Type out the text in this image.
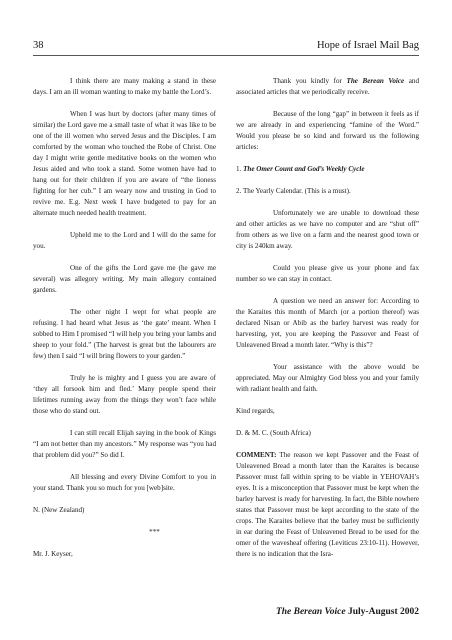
38	Hope of Israel Mail Bag

I think there are many making a stand in these days. I am an ill woman wanting to make my battle the Lord’s.

When I was hurt by doctors (after many times of similar) the Lord gave me a small taste of what it was like to be one of the ill women who served Jesus and the Disciples. I am comforted by the woman who touched the Robe of Christ. One day I might write gentle meditative books on the women who Jesus aided and who took a stand. Some women have had to hang out for their children if you are aware of “the lioness fighting for her cub.” I am weary now and trusting in God to revive me. E.g. Next week I have budgeted to pay for an alternate much needed health treatment.

Upheld me to the Lord and I will do the same for you.

One of the gifts the Lord gave me (he gave me several) was allegory writing. My main allegory contained gardens.

The other night I wept for what people are refusing. I had heard what Jesus as ‘the gate’ meant. When I sobbed to Him I promised “I will help you bring your lambs and sheep to your fold.” (The harvest is great but the labourers are few) then I said “I will bring flowers to your garden.”

Truly he is mighty and I guess you are aware of ‘they all forsook him and fled.’ Many people spend their lifetimes running away from the things they won’t face while those who do stand out.

I can still recall Elijah saying in the book of Kings “I am not better than my ancestors.” My response was “you had that problem did you?” So did I.

All blessing and every Divine Comfort to you in your stand. Thank you so much for you [web]site.

N. (New Zealand)

***

Mr. J. Keyser,

Thank you kindly for The Berean Voice and associated articles that we periodically receive.

Because of the long “gap” in between it feels as if we are already in and experiencing “famine of the Word.” Would you please be so kind and forward us the following articles:

1. The Omer Count and God’s Weekly Cycle

2. The Yearly Calendar. (This is a must).

Unfortunately we are unable to download these and other articles as we have no computer and are “shut off” from others as we live on a farm and the nearest good town or city is 240km away.

Could you please give us your phone and fax number so we can stay in contact.

A question we need an answer for: According to the Karaites this month of March (or a portion thereof) was declared Nisan or Abib as the barley harvest was ready for harvesting, yet, you are keeping the Passover and Feast of Unleavened Bread a month later. “Why is this”?

Your assistance with the above would be appreciated. May our Almighty God bless you and your family with radiant health and faith.

Kind regards,

D. & M. C. (South Africa)

COMMENT: The reason we kept Passover and the Feast of Unleavened Bread a month later than the Karaites is because Passover must fall within spring to be viable in YEHOVAH’s eyes. It is a misconception that Passover must be kept when the barley harvest is ready for harvesting. In fact, the Bible nowhere states that Passover must be kept according to the state of the crops. The Karaites believe that the barley must be sufficiently in ear during the Feast of Unleavened Bread to be used for the omer of the wavesheaf offering (Leviticus 23:10-11). However, there is no indication that the Isra-

The Berean Voice July-August 2002
